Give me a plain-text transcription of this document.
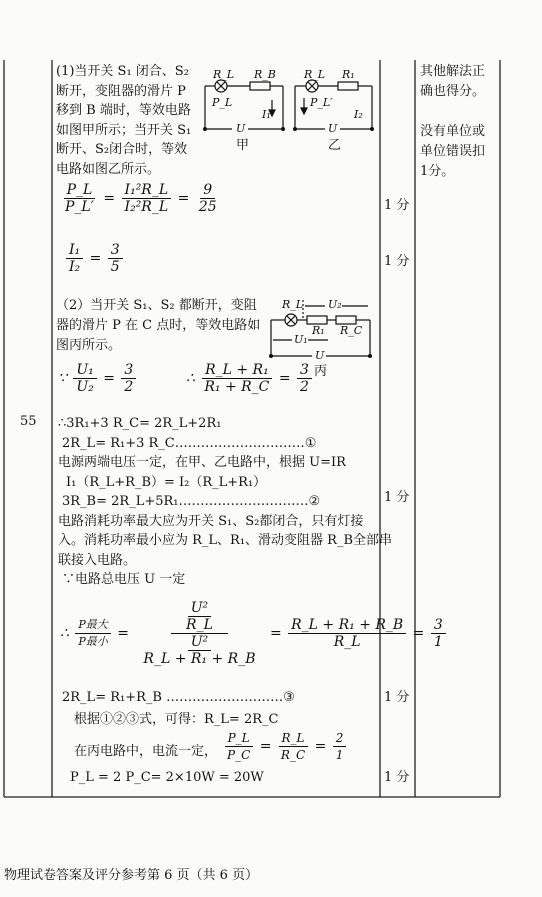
R_L R_B
P_L
I₁
U
甲
R_L R₁
P_L′
I₂
U
乙
R_L
R₁ R_C
U₂
U₁
U
丙
55
其他解法正
确也得分。
没有单位或
单位错误扣
1分。
(1)当开关 S₁ 闭合、S₂
断开，变阻器的滑片 P
移到 B 端时，等效电路
如图甲所示；当开关 S₁
断开、S₂闭合时，等效
电路如图乙所示。
$\frac{P\_L}{P\_L'} = \frac{\text{I₁²R\_L}}{\text{I₂²R\_L}} = \frac{9}{25}$
$\frac{\text{I₁}}{\text{I₂}} = \frac{3}{5}$
（2）当开关 S₁、S₂ 都断开，变阻
器的滑片 P 在 C 点时，等效电路如
图丙所示。
∵ $\frac{\text{U₁}}{\text{U₂}} = \frac{3}{2}$	∴ $\frac{\text{R\_L + R₁}}{\text{R₁ + R\_C}} = \frac{3}{2}$
∴3R₁+3 R_C= 2R_L+2R₁
2R_L= R₁+3 R_C…………………………①
电源两端电压一定，在甲、乙电路中，根据 U=IR
I₁（R_L+R_B）= I₂（R_L+R₁）
3R_B= 2R_L+5R₁…………………………②
电路消耗功率最大应为开关 S₁、S₂都闭合，只有灯接
入。消耗功率最小应为 R_L、R₁、滑动变阻器 R_B全部串
联接入电路。
∵电路总电压 U 一定
∴ $\frac{\text{P最大}}{\text{P最小}} = \frac{\frac{\text{U²}}{R\_L}}{\frac{\text{U²}}{\text{R\_L + R₁ + R\_B}}} = \frac{\text{R\_L + R₁ + R\_B}}{R\_L} = \frac{3}{1}$
2R_L= R₁+R_B ………………………③
根据①②③式，可得：R_L= 2R_C
在丙电路中，电流一定， $\frac{P\_L}{P\_C} = \frac{R\_L}{R\_C} = \frac{2}{1}$
P_L = 2 P_C= 2×10W = 20W
1 分
1 分
1 分
1 分
1 分
物理试卷答案及评分参考第 6 页（共 6 页）
